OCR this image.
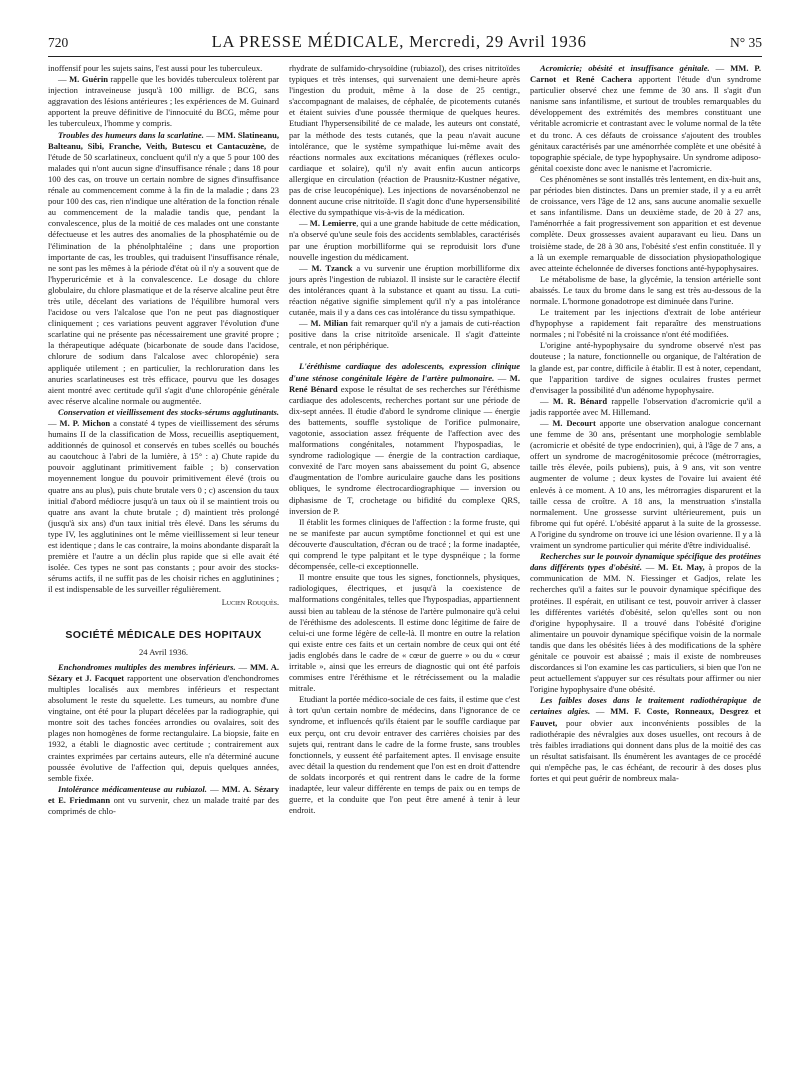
720	LA PRESSE MÉDICALE, Mercredi, 29 Avril 1936	N° 35

inoffensif pour les sujets sains, l'est aussi pour les tuberculeux.

— M. Guérin rappelle que les bovidés tuberculeux tolèrent par injection intraveineuse jusqu'à 100 milligr. de BCG, sans aggravation des lésions antérieures ; les expériences de M. Guinard apportent la preuve définitive de l'innocuité du BCG, même pour les tuberculeux, l'homme y compris.

Troubles des humeurs dans la scarlatine. — MM. Slatineanu, Balteanu, Sibi, Franche, Veith, Butescu et Cantacuzène, de l'étude de 50 scarlatineux, concluent qu'il n'y a que 5 pour 100 des malades qui n'ont aucun signe d'insuffisance rénale ; dans 18 pour 100 des cas, on trouve un certain nombre de signes d'insuffisance rénale au commencement comme à la fin de la maladie ; dans 23 pour 100 des cas, rien n'indique une altération de la fonction rénale au commencement de la maladie tandis que, pendant la convalescence, plus de la moitié de ces malades ont une constante défectueuse et les autres des anomalies de la phosphatémie ou de l'élimination de la phénolphtaléine ; dans une proportion importante de cas, les troubles, qui traduisent l'insuffisance rénale, ne sont pas les mêmes à la période d'état où il n'y a souvent que de l'hyperuricémie et à la convalescence. Le dosage du chlore globulaire, du chlore plasmatique et de la réserve alcaline peut être très utile, décelant des variations de l'équilibre humoral vers l'acidose ou vers l'alcalose que l'on ne peut pas diagnostiquer cliniquement ; ces variations peuvent aggraver l'évolution d'une scarlatine qui ne présente pas nécessairement une gravité propre ; la thérapeutique adéquate (bicarbonate de soude dans l'acidose, chlorure de sodium dans l'alcalose avec chloropénie) sera appliquée utilement ; en particulier, la rechloruration dans les anuries scarlatineuses est très efficace, pourvu que les dosages aient montré avec certitude qu'il s'agit d'une chloropénie générale avec réserve alcaline normale ou augmentée.

Conservation et vieillissement des stocks-sérums agglutinants. — M. P. Michon a constaté 4 types de vieillissement des sérums humains II de la classification de Moss, recueillis aseptiquement, additionnés de quinosol et conservés en tubes scellés ou bouchés au caoutchouc à l'abri de la lumière, à 15° : a) Chute rapide du pouvoir agglutinant primitivement faible ; b) conservation moyennement longue du pouvoir primitivement élevé (trois ou quatre ans au plus), puis chute brutale vers 0 ; c) ascension du taux initial d'abord médiocre jusqu'à un taux où il se maintient trois ou quatre ans avant la chute brutale ; d) maintient très prolongé (jusqu'à six ans) d'un taux initial très élevé. Dans les sérums du type IV, les agglutinines ont le même vieillissement si leur teneur est identique ; dans le cas contraire, la moins abondante disparaît la première et l'autre a un déclin plus rapide que si elle avait été isolée. Ces types ne sont pas constants ; pour avoir des stocks-sérums actifs, il ne suffit pas de les choisir riches en agglutinines ; il est indispensable de les surveiller régulièrement.

Lucien Rouquès.
SOCIÉTÉ MÉDICALE DES HOPITAUX
24 Avril 1936.

Enchondromes multiples des membres inférieurs. — MM. A. Sézary et J. Facquet rapportent une observation d'enchondromes multiples localisés aux membres inférieurs et respectant absolument le reste du squelette. Les tumeurs, au nombre d'une vingtaine, ont été pour la plupart décelées par la radiographie, qui montre soit des taches foncées arrondies ou ovalaires, soit des plages non homogènes de forme rectangulaire. La biopsie, faite en 1932, a établi le diagnostic avec certitude ; contrairement aux craintes exprimées par certains auteurs, elle n'a déterminé aucune poussée évolutive de l'affection qui, depuis quelques années, semble fixée.

Intolérance médicamenteuse au rubiazol. — MM. A. Sézary et E. Friedmann ont vu survenir, chez un malade traité par des comprimés de chlo-

rhydrate de sulfamido-chrysoïdine (rubiazol), des crises nitritoïdes typiques et très intenses, qui survenaient une demi-heure après l'ingestion du produit, même à la dose de 25 centigr., s'accompagnant de malaises, de céphalée, de picotements cutanés et étaient suivies d'une poussée thermique de quelques heures. Etudiant l'hypersensibilité de ce malade, les auteurs ont constaté, par la méthode des tests cutanés, que la peau n'avait aucune intolérance, que le système sympathique lui-même avait des réactions normales aux excitations mécaniques (réflexes oculo-cardiaque et solaire), qu'il n'y avait enfin aucun anticorps allergique en circulation (réaction de Prausnitz-Kustner négative, pas de crise leucopénique). Les injections de novarsénobenzol ne donnent aucune crise nitritoïde. Il s'agit donc d'une hypersensibilité élective du sympathique vis-à-vis de la médication.

— M. Lemierre, qui a une grande habitude de cette médication, n'a observé qu'une seule fois des accidents semblables, caractérisés par une éruption morbilliforme qui se reproduisit lors d'une nouvelle ingestion du médicament.

— M. Tzanck a vu survenir une éruption morbilliforme dix jours après l'ingestion de rubiazol. Il insiste sur le caractère électif des intolérances quant à la substance et quant au tissu. La cuti-réaction négative signifie simplement qu'il n'y a pas intolérance cutanée, mais il y a dans ces cas intolérance du tissu sympathique.

— M. Milian fait remarquer qu'il n'y a jamais de cuti-réaction positive dans la crise nitritoïde arsenicale. Il s'agit d'atteinte centrale, et non périphérique.

L'éréthisme cardiaque des adolescents, expression clinique d'une sténose congénitale légère de l'artère pulmonaire. — M. René Bénard expose le résultat de ses recherches sur l'éréthisme cardiaque des adolescents, recherches portant sur une période de dix-sept années. Il étudie d'abord le syndrome clinique — énergie des battements, souffle systolique de l'orifice pulmonaire, vagotonie, association assez fréquente de l'affection avec des malformations congénitales, notamment l'hypospadias, le syndrome radiologique — énergie de la contraction cardiaque, convexité de l'arc moyen sans abaissement du point G, absence d'augmentation de l'ombre auriculaire gauche dans les positions obliques, le syndrome électrocardiographique — inversion ou diphasisme de T, crochetage ou bifidité du complexe QRS, inversion de P.

Il établit les formes cliniques de l'affection : la forme fruste, qui ne se manifeste par aucun symptôme fonctionnel et qui est une découverte d'auscultation, d'écran ou de tracé ; la forme inadaptée, qui comprend le type palpitant et le type dyspnéique ; la forme décompensée, celle-ci exceptionnelle.

Il montre ensuite que tous les signes, fonctionnels, physiques, radiologiques, électriques, et jusqu'à la coexistence de malformations congénitales, telles que l'hypospadias, appartiennent aussi bien au tableau de la sténose de l'artère pulmonaire qu'à celui de l'éréthisme des adolescents. Il estime donc légitime de faire de celui-ci une forme légère de celle-là. Il montre en outre la relation qui existe entre ces faits et un certain nombre de ceux qui ont été jadis englobés dans le cadre de « cœur de guerre » ou du « cœur irritable », ainsi que les erreurs de diagnostic qui ont été parfois commises entre l'éréthisme et le rétrécissement ou la maladie mitrale.

Etudiant la portée médico-sociale de ces faits, il estime que c'est à tort qu'un certain nombre de médecins, dans l'ignorance de ce syndrome, et influencés qu'ils étaient par le souffle cardiaque par eux perçu, ont cru devoir entraver des carrières choisies par des sujets qui, rentrant dans le cadre de la forme fruste, sans troubles fonctionnels, y eussent été parfaitement aptes. Il envisage ensuite avec détail la question du rendement que l'on est en droit d'attendre de soldats incorporés et qui rentrent dans le cadre de la forme inadaptée, leur valeur différente en temps de paix ou en temps de guerre, et la conduite que l'on peut être amené à tenir à leur endroit.

Acromicrie; obésité et insuffisance génitale. — MM. P. Carnot et René Cachera apportent l'étude d'un syndrome particulier observé chez une femme de 30 ans. Il s'agit d'un nanisme sans infantilisme, et surtout de troubles remarquables du développement des extrémités des membres constituant une véritable acromicrie et contrastant avec le volume normal de la tête et du tronc. A ces défauts de croissance s'ajoutent des troubles génitaux caractérisés par une aménorrhée complète et une obésité à topographie spéciale, de type hypophysaire. Un syndrome adiposo-génital coexiste donc avec le nanisme et l'acromicrie.

Ces phénomènes se sont installés très lentement, en dix-huit ans, par périodes bien distinctes. Dans un premier stade, il y a eu arrêt de croissance, vers l'âge de 12 ans, sans aucune anomalie sexuelle et sans infantilisme. Dans un deuxième stade, de 20 à 27 ans, l'aménorrhée a fait progressivement son apparition et est devenue complète. Deux grossesses avaient auparavant eu lieu. Dans un troisième stade, de 28 à 30 ans, l'obésité s'est enfin constituée. Il y a là un exemple remarquable de dissociation physiopathologique avec atteinte échelonnée de diverses fonctions anté-hypophysaires.

Le métabolisme de base, la glycémie, la tension artérielle sont abaissés. Le taux du brome dans le sang est très au-dessous de la normale. L'hormone gonadotrope est diminuée dans l'urine.

Le traitement par les injections d'extrait de lobe antérieur d'hypophyse a rapidement fait reparaître des menstruations normales ; ni l'obésité ni la croissance n'ont été modifiées.

L'origine anté-hypophysaire du syndrome observé n'est pas douteuse ; la nature, fonctionnelle ou organique, de l'altération de la glande est, par contre, difficile à établir. Il est à noter, cependant, que l'apparition tardive de signes oculaires frustes permet d'envisager la possibilité d'un adénome hypophysaire.

— M. R. Bénard rappelle l'observation d'acromicrie qu'il a jadis rapportée avec M. Hillemand.

— M. Decourt apporte une observation analogue concernant une femme de 30 ans, présentant une morphologie semblable (acromicrie et obésité de type endocrinien), qui, à l'âge de 7 ans, a offert un syndrome de macrogénitosomie précoce (métrorragies, taille très élevée, poils pubiens), puis, à 9 ans, vit son ventre augmenter de volume ; deux kystes de l'ovaire lui avaient été enlevés à ce moment. A 10 ans, les métrorragies disparurent et la taille cessa de croître. A 18 ans, la menstruation s'installa normalement. Une grossesse survint ultérieurement, puis un fibrome qui fut opéré. L'obésité apparut à la suite de la grossesse. A l'origine du syndrome on trouve ici une lésion ovarienne. Il y a là vraiment un syndrome particulier qui mérite d'être individualisé.

Recherches sur le pouvoir dynamique spécifique des protéines dans différents types d'obésité. — M. Et. May, à propos de la communication de MM. N. Fiessinger et Gadjos, relate les recherches qu'il a faites sur le pouvoir dynamique spécifique des protéines. Il espérait, en utilisant ce test, pouvoir arriver à classer les différentes variétés d'obésité, selon qu'elles sont ou non d'origine hypophysaire. Il a trouvé dans l'obésité d'origine alimentaire un pouvoir dynamique spécifique voisin de la normale tandis que dans les obésités liées à des modifications de la sphère génitale ce pouvoir est abaissé ; mais il existe de nombreuses discordances si l'on examine les cas particuliers, si bien que l'on ne peut actuellement s'appuyer sur ces résultats pour affirmer ou nier l'origine hypophysaire d'une obésité.

Les faibles doses dans le traitement radiothérapique de certaines algies. — MM. F. Coste, Ronneaux, Desgrez et Fauvet, pour obvier aux inconvénients possibles de la radiothérapie des névralgies aux doses usuelles, ont recours à de très faibles irradiations qui donnent dans plus de la moitié des cas un résultat satisfaisant. Ils énumèrent les avantages de ce procédé qui n'empêche pas, le cas échéant, de recourir à des doses plus fortes et qui peut guérir de nombreux mala-
